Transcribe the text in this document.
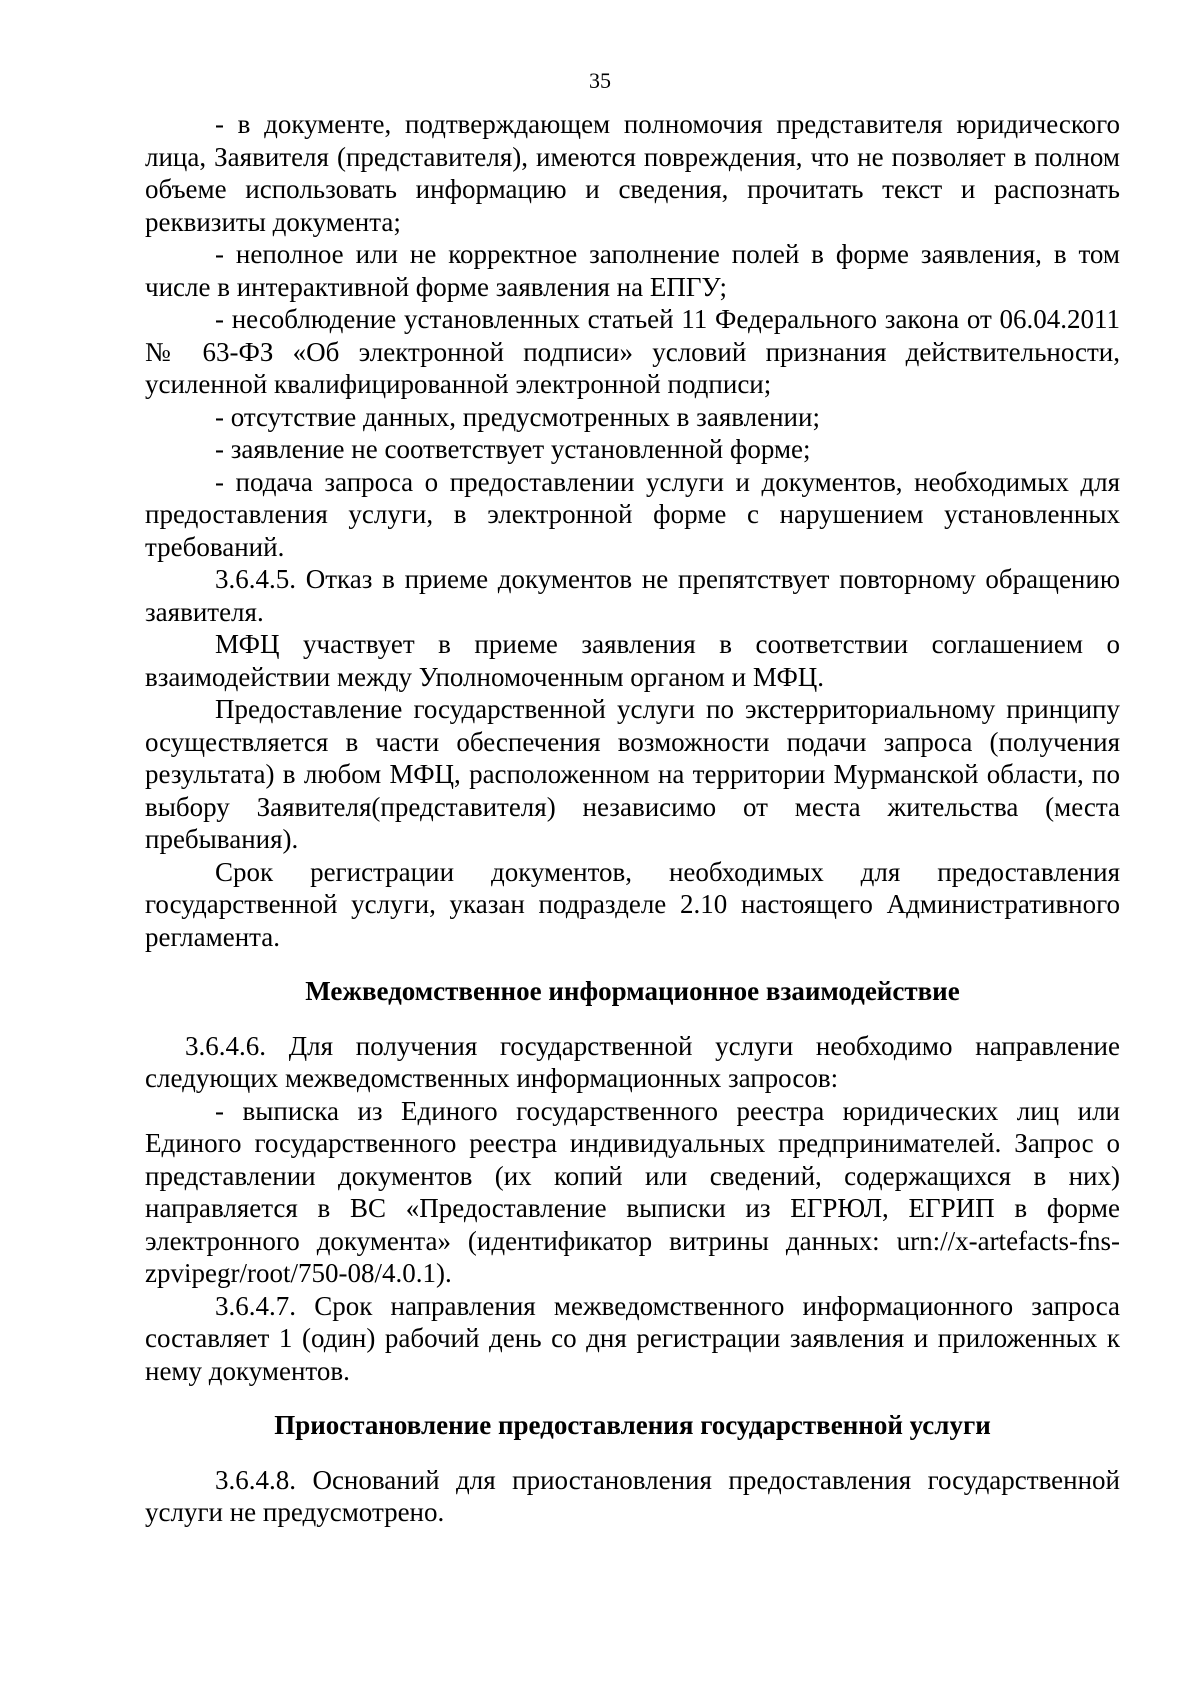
35

- в документе, подтверждающем полномочия представителя юридического лица, Заявителя (представителя), имеются повреждения, что не позволяет в полном объеме использовать информацию и сведения, прочитать текст и распознать реквизиты документа;

- неполное или не корректное заполнение полей в форме заявления, в том числе в интерактивной форме заявления на ЕПГУ;

- несоблюдение установленных статьей 11 Федерального закона от 06.04.2011 № 63-ФЗ «Об электронной подписи» условий признания действительности, усиленной квалифицированной электронной подписи;

- отсутствие данных, предусмотренных в заявлении;

- заявление не соответствует установленной форме;

- подача запроса о предоставлении услуги и документов, необходимых для предоставления услуги, в электронной форме с нарушением установленных требований.

3.6.4.5. Отказ в приеме документов не препятствует повторному обращению заявителя.

МФЦ участвует в приеме заявления в соответствии соглашением о взаимодействии между Уполномоченным органом и МФЦ.

Предоставление государственной услуги по экстерриториальному принципу осуществляется в части обеспечения возможности подачи запроса (получения результата) в любом МФЦ, расположенном на территории Мурманской области, по выбору Заявителя(представителя) независимо от места жительства (места пребывания).

Срок регистрации документов, необходимых для предоставления государственной услуги, указан подразделе 2.10 настоящего Административного регламента.

Межведомственное информационное взаимодействие

3.6.4.6. Для получения государственной услуги необходимо направление следующих межведомственных информационных запросов:

- выписка из Единого государственного реестра юридических лиц или Единого государственного реестра индивидуальных предпринимателей. Запрос о представлении документов (их копий или сведений, содержащихся в них) направляется в ВС «Предоставление выписки из ЕГРЮЛ, ЕГРИП в форме электронного документа» (идентификатор витрины данных: urn://x-artefacts-fns-zpvipegr/root/750-08/4.0.1).

3.6.4.7. Срок направления межведомственного информационного запроса составляет 1 (один) рабочий день со дня регистрации заявления и приложенных к нему документов.

Приостановление предоставления государственной услуги

3.6.4.8. Оснований для приостановления предоставления государственной услуги не предусмотрено.
